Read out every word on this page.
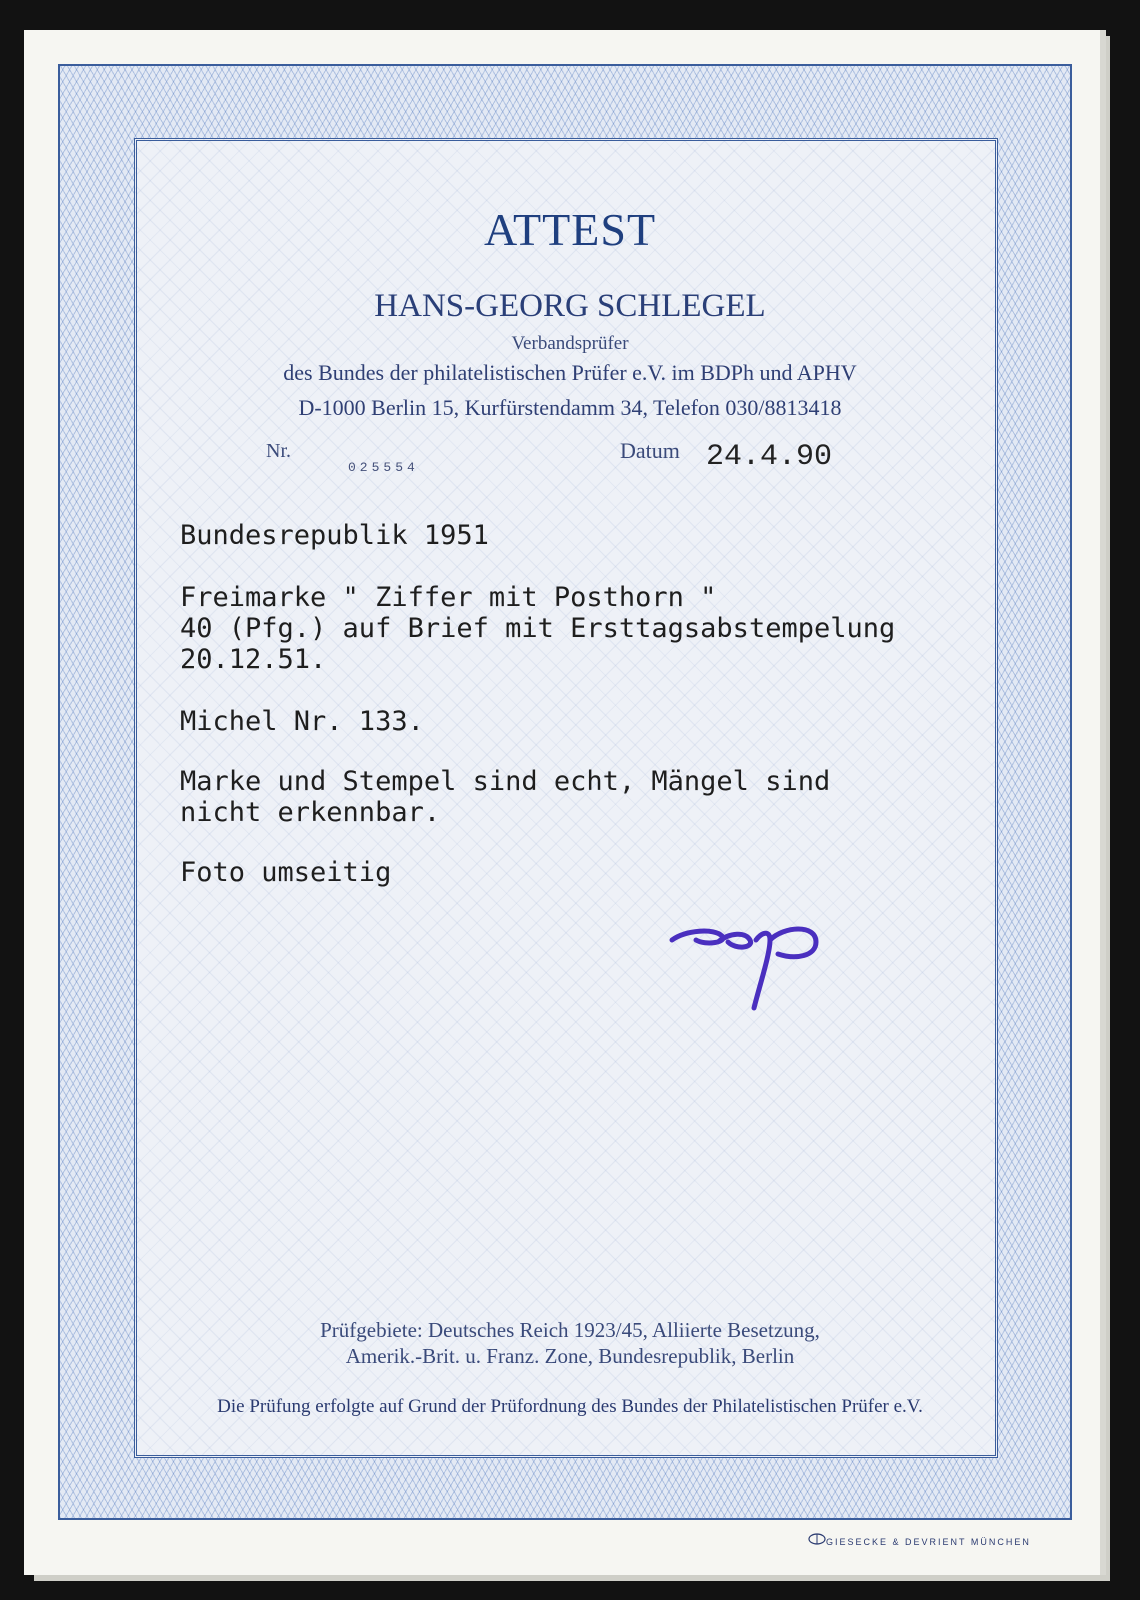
ATTEST
HANS-GEORG SCHLEGEL
Verbandsprüfer
des Bundes der philatelistischen Prüfer e.V. im BDPh und APHV
D-1000 Berlin 15, Kurfürstendamm 34, Telefon 030/8813418
Nr.
025554
Datum 24.4.90
Bundesrepublik 1951
Freimarke " Ziffer mit Posthorn "
40 (Pfg.) auf Brief mit Ersttagsabstempelung
20.12.51.
Michel Nr. 133.
Marke und Stempel sind echt, Mängel sind
nicht erkennbar.
Foto umseitig
Prüfgebiete: Deutsches Reich 1923/45, Alliierte Besetzung,
Amerik.-Brit. u. Franz. Zone, Bundesrepublik, Berlin
Die Prüfung erfolgte auf Grund der Prüfordnung des Bundes der Philatelistischen Prüfer e.V.
GIESECKE & DEVRIENT MÜNCHEN
